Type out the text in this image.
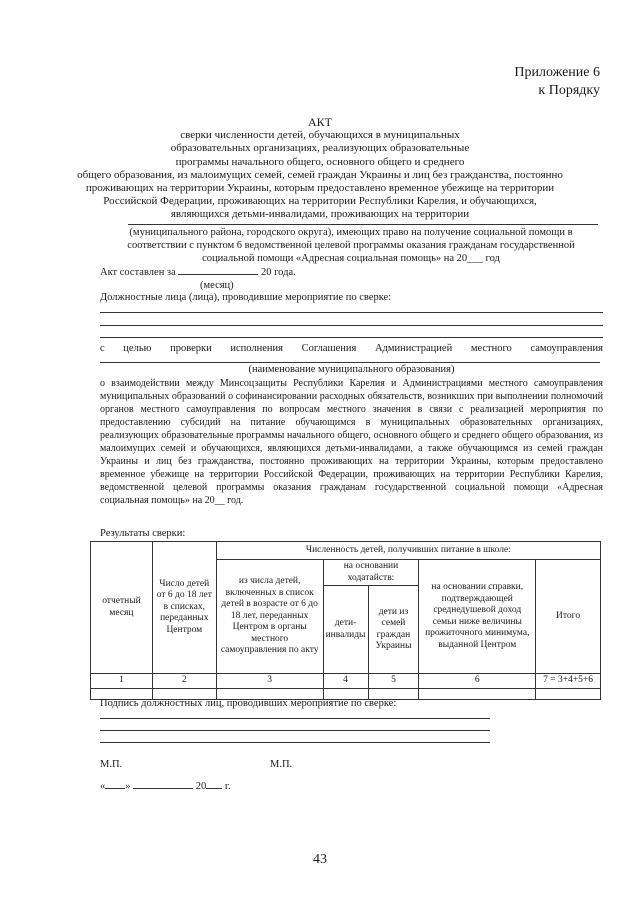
Приложение 6
к Порядку
АКТ
сверки численности детей, обучающихся в муниципальных
образовательных организациях, реализующих образовательные
программы начального общего, основного общего и среднего
общего образования, из малоимущих семей, семей граждан Украины и лиц без гражданства, постоянно
проживающих на территории Украины, которым предоставлено временное убежище на территории
Российской Федерации, проживающих на территории Республики Карелия, и обучающихся,
являющихся детьми-инвалидами, проживающих на территории
(муниципального района, городского округа), имеющих право на получение социальной помощи в
соответствии с пунктом 6 ведомственной целевой программы оказания гражданам государственной
социальной помощи «Адресная социальная помощь» на 20___ год
Акт составлен за	20 года.
(месяц)
Должностные лица (лица), проводившие мероприятие по сверке:
с целью проверки исполнения Соглашения Администрацией местного самоуправления
(наименование муниципального образования)
о взаимодействии между Минсоцзащиты Республики Карелия и Администрациями местного самоуправления муниципальных образований о софинансировании расходных обязательств, возникших при выполнении полномочий органов местного самоуправления по вопросам местного значения в связи с реализацией мероприятия по предоставлению субсидий на питание обучающимся в муниципальных образовательных организациях, реализующих образовательные программы начального общего, основного общего и среднего общего образования, из малоимущих семей и обучающихся, являющихся детьми-инвалидами, а также обучающимся из семей граждан Украины и лиц без гражданства, постоянно проживающих на территории Украины, которым предоставлено временное убежище на территории Российской Федерации, проживающих на территории Республики Карелия, ведомственной целевой программы оказания гражданам государственной социальной помощи «Адресная социальная помощь» на 20__ год.
Результаты сверки:
отчетный месяц	Число детей от 6 до 18 лет в списках, переданных Центром	Численность детей, получивших питание в школе:				
		из числа детей, включенных в список детей в возрасте от 6 до 18 лет, переданных Центром в органы местного самоуправления по акту	на основании ходатайств:		на основании справки, подтверждающей среднедушевой доход семьи ниже величины прожиточного минимума, выданной Центром	Итого
			дети-инвалиды	дети из семей граждан Украины		
1	2	3	4	5	6	7 = 3+4+5+6

Подпись должностных лиц, проводивших мероприятие по сверке:
М.П.	М.П.
« »	20 г.
43
